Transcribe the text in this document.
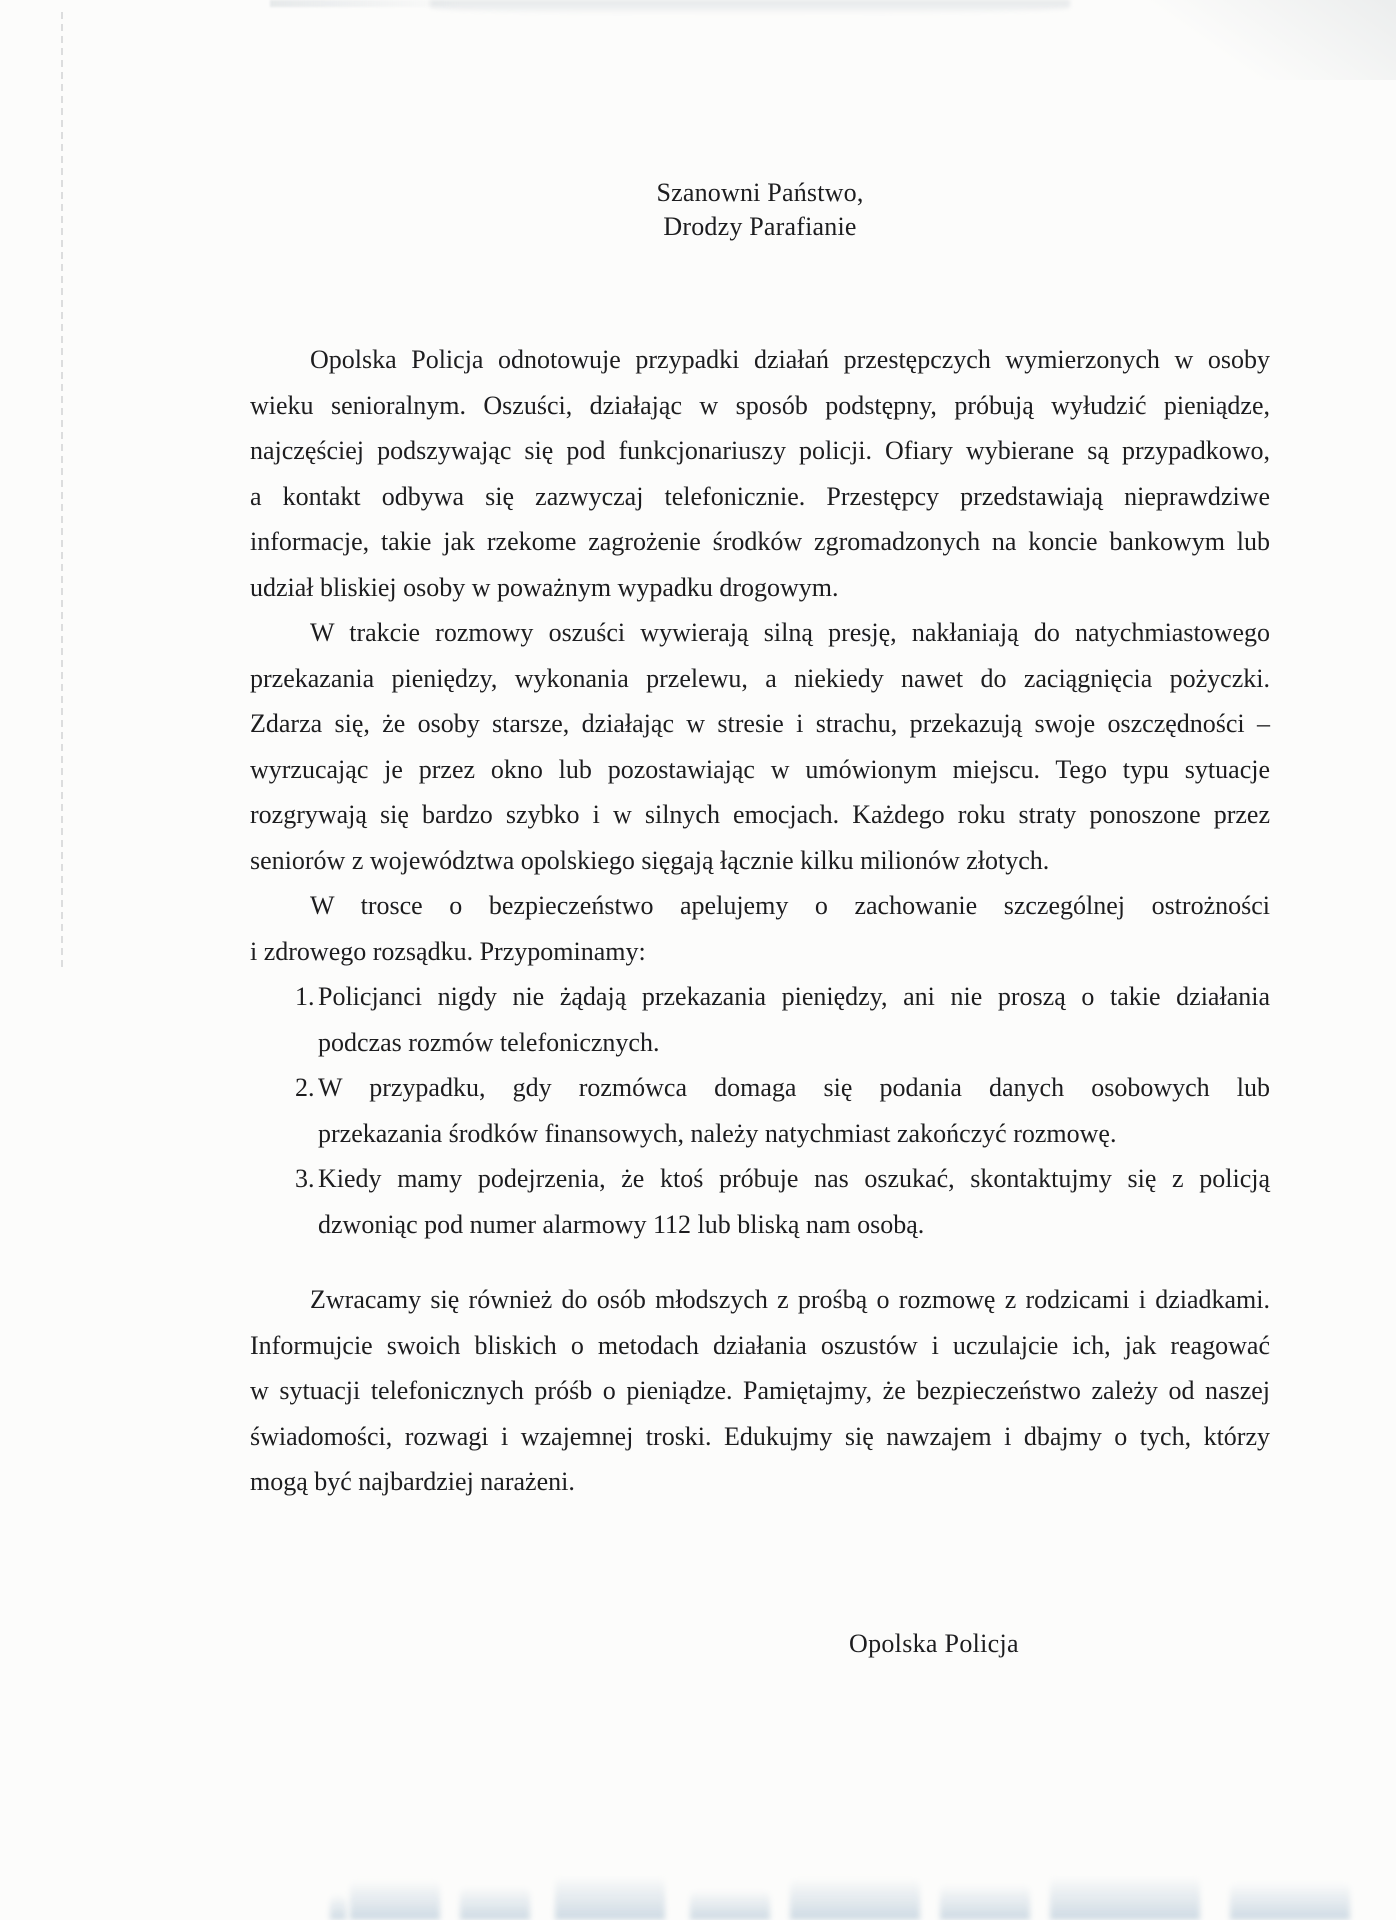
Szanowni Państwo,
Drodzy Parafianie
Opolska Policja odnotowuje przypadki działań przestępczych wymierzonych w osoby
wieku senioralnym. Oszuści, działając w sposób podstępny, próbują wyłudzić pieniądze,
najczęściej podszywając się pod funkcjonariuszy policji. Ofiary wybierane są przypadkowo,
a kontakt odbywa się zazwyczaj telefonicznie. Przestępcy przedstawiają nieprawdziwe
informacje, takie jak rzekome zagrożenie środków zgromadzonych na koncie bankowym lub
udział bliskiej osoby w poważnym wypadku drogowym.
W trakcie rozmowy oszuści wywierają silną presję, nakłaniają do natychmiastowego
przekazania pieniędzy, wykonania przelewu, a niekiedy nawet do zaciągnięcia pożyczki.
Zdarza się, że osoby starsze, działając w stresie i strachu, przekazują swoje oszczędności –
wyrzucając je przez okno lub pozostawiając w umówionym miejscu. Tego typu sytuacje
rozgrywają się bardzo szybko i w silnych emocjach. Każdego roku straty ponoszone przez
seniorów z województwa opolskiego sięgają łącznie kilku milionów złotych.
W trosce o bezpieczeństwo apelujemy o zachowanie szczególnej ostrożności
i zdrowego rozsądku. Przypominamy:
1. Policjanci nigdy nie żądają przekazania pieniędzy, ani nie proszą o takie działania
podczas rozmów telefonicznych.
2. W przypadku, gdy rozmówca domaga się podania danych osobowych lub
przekazania środków finansowych, należy natychmiast zakończyć rozmowę.
3. Kiedy mamy podejrzenia, że ktoś próbuje nas oszukać, skontaktujmy się z policją
dzwoniąc pod numer alarmowy 112 lub bliską nam osobą.
Zwracamy się również do osób młodszych z prośbą o rozmowę z rodzicami i dziadkami.
Informujcie swoich bliskich o metodach działania oszustów i uczulajcie ich, jak reagować
w sytuacji telefonicznych próśb o pieniądze. Pamiętajmy, że bezpieczeństwo zależy od naszej
świadomości, rozwagi i wzajemnej troski. Edukujmy się nawzajem i dbajmy o tych, którzy
mogą być najbardziej narażeni.
Opolska Policja
